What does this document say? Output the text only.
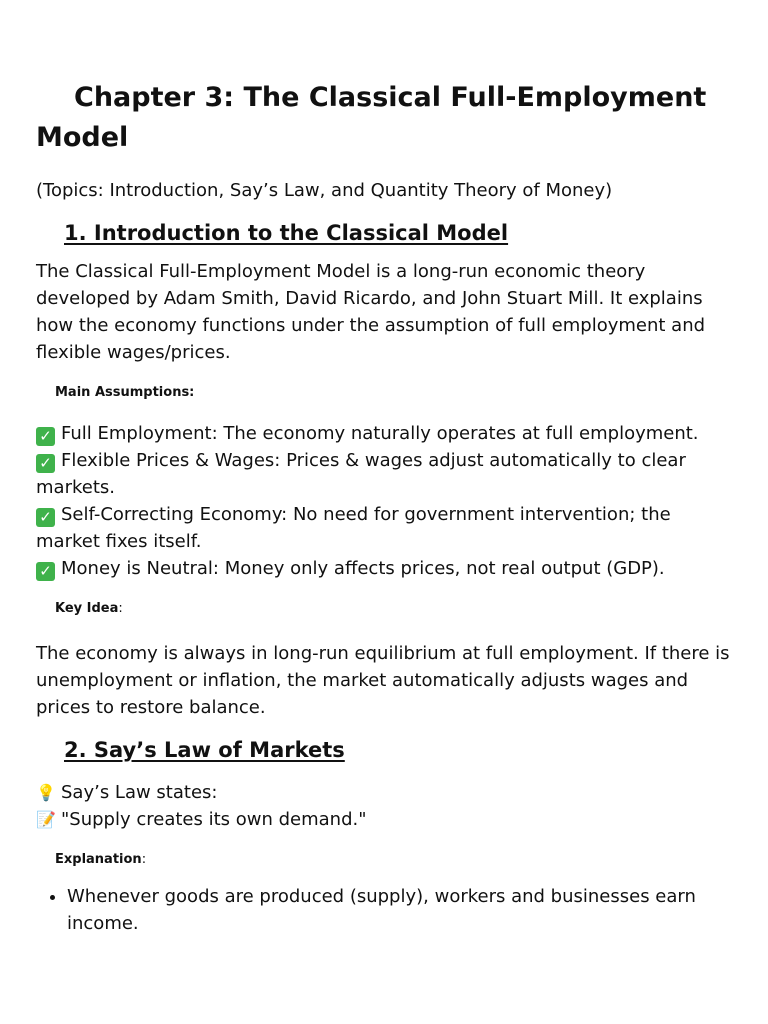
Chapter 3: The Classical Full-Employment Model

(Topics: Introduction, Say’s Law, and Quantity Theory of Money)

1. Introduction to the Classical Model

The Classical Full-Employment Model is a long-run economic theory developed by Adam Smith, David Ricardo, and John Stuart Mill. It explains how the economy functions under the assumption of full employment and flexible wages/prices.

Main Assumptions:
✓ Full Employment: The economy naturally operates at full employment.
✓ Flexible Prices & Wages: Prices & wages adjust automatically to clear markets.
✓ Self-Correcting Economy: No need for government intervention; the market fixes itself.
✓ Money is Neutral: Money only affects prices, not real output (GDP).
Key Idea:

The economy is always in long-run equilibrium at full employment. If there is unemployment or inflation, the market automatically adjusts wages and prices to restore balance.

2. Say’s Law of Markets
💡 Say’s Law states:
📝 "Supply creates its own demand."
Explanation:
• Whenever goods are produced (supply), workers and businesses earn income.
